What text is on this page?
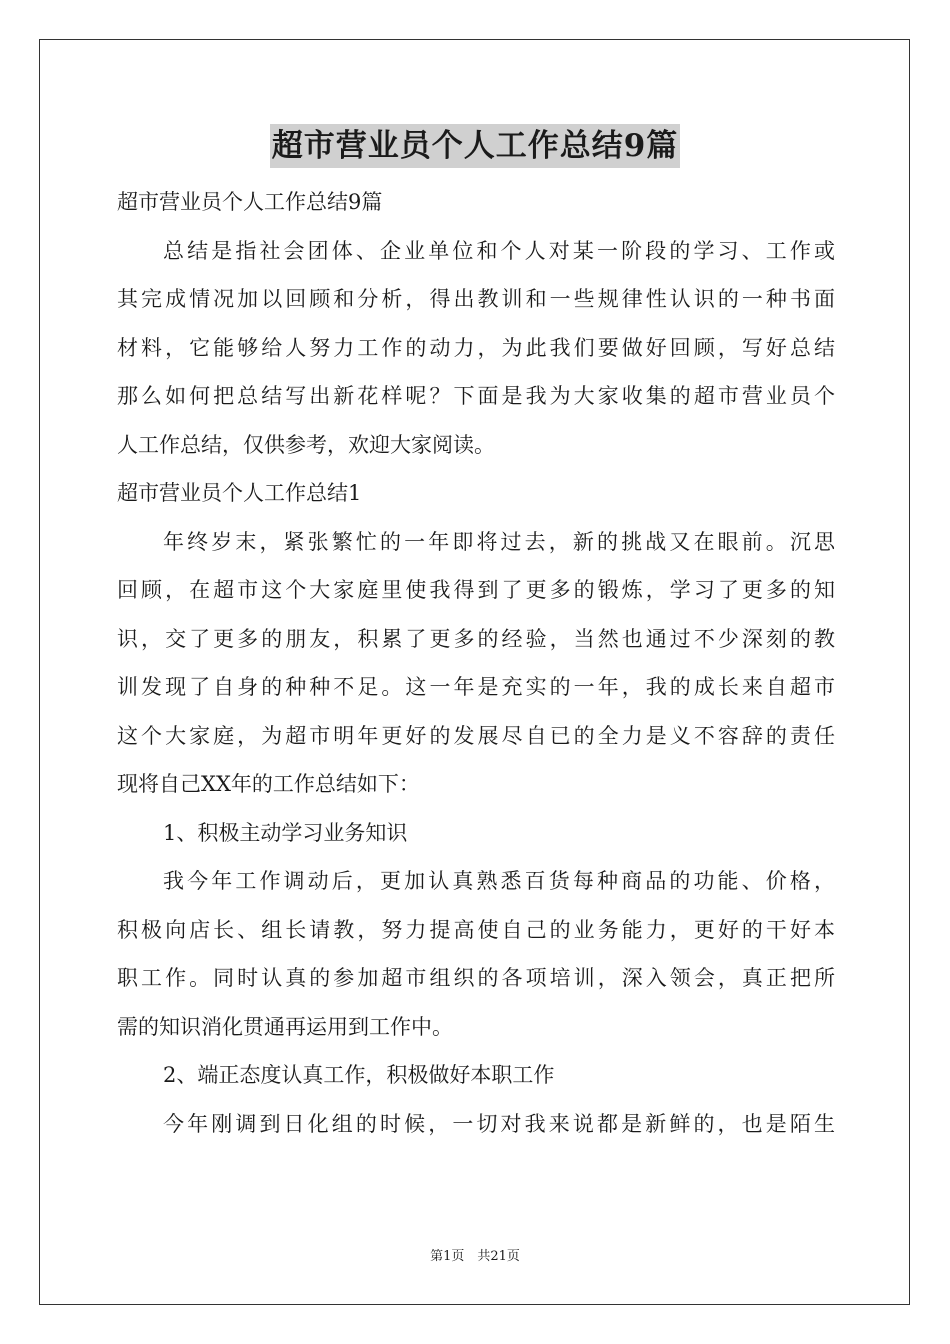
超市营业员个人工作总结9篇
超市营业员个人工作总结9篇
总结是指社会团体、企业单位和个人对某一阶段的学习、工作或
其完成情况加以回顾和分析，得出教训和一些规律性认识的一种书面
材料，它能够给人努力工作的动力，为此我们要做好回顾，写好总结
那么如何把总结写出新花样呢？下面是我为大家收集的超市营业员个
人工作总结，仅供参考，欢迎大家阅读。
超市营业员个人工作总结1
年终岁末，紧张繁忙的一年即将过去，新的挑战又在眼前。沉思
回顾，在超市这个大家庭里使我得到了更多的锻炼，学习了更多的知
识，交了更多的朋友，积累了更多的经验，当然也通过不少深刻的教
训发现了自身的种种不足。这一年是充实的一年，我的成长来自超市
这个大家庭，为超市明年更好的发展尽自已的全力是义不容辞的责任
现将自己XX年的工作总结如下：
1、积极主动学习业务知识
我今年工作调动后，更加认真熟悉百货每种商品的功能、价格，
积极向店长、组长请教，努力提高使自己的业务能力，更好的干好本
职工作。同时认真的参加超市组织的各项培训，深入领会，真正把所
需的知识消化贯通再运用到工作中。
2、端正态度认真工作，积极做好本职工作
今年刚调到日化组的时候，一切对我来说都是新鲜的，也是陌生
第1页　共21页
